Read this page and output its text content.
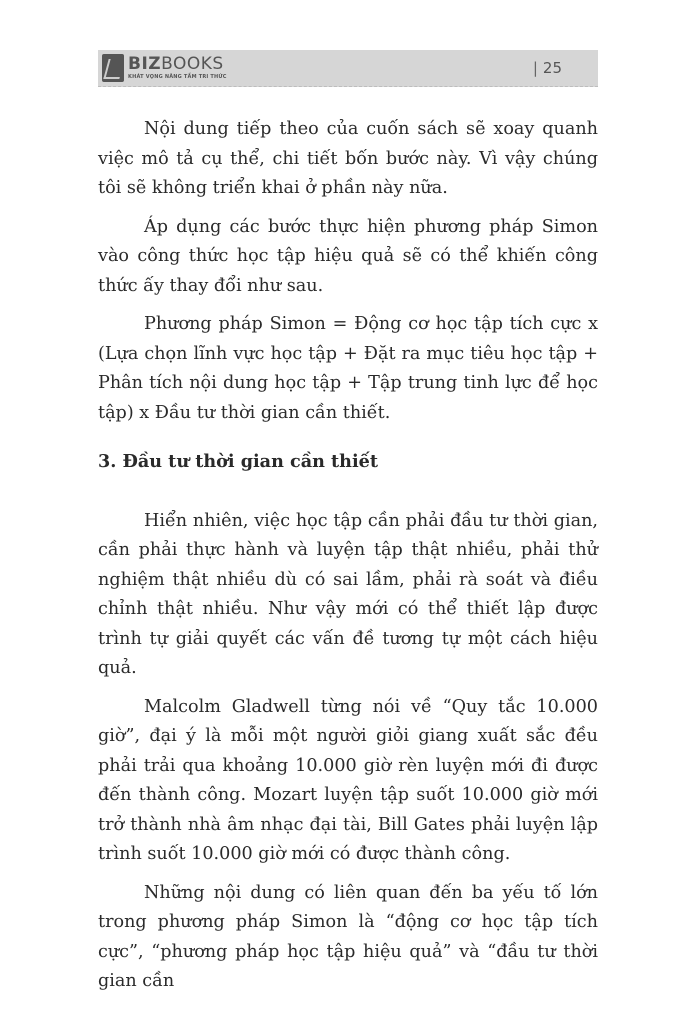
BIZBOOKS
KHÁT VỌNG NÂNG TẦM TRI THỨC	| 25

Nội dung tiếp theo của cuốn sách sẽ xoay quanh việc mô tả cụ thể, chi tiết bốn bước này. Vì vậy chúng tôi sẽ không triển khai ở phần này nữa.

Áp dụng các bước thực hiện phương pháp Simon vào công thức học tập hiệu quả sẽ có thể khiến công thức ấy thay đổi như sau.

Phương pháp Simon = Động cơ học tập tích cực x (Lựa chọn lĩnh vực học tập + Đặt ra mục tiêu học tập + Phân tích nội dung học tập + Tập trung tinh lực để học tập) x Đầu tư thời gian cần thiết.

3. Đầu tư thời gian cần thiết

Hiển nhiên, việc học tập cần phải đầu tư thời gian, cần phải thực hành và luyện tập thật nhiều, phải thử nghiệm thật nhiều dù có sai lầm, phải rà soát và điều chỉnh thật nhiều. Như vậy mới có thể thiết lập được trình tự giải quyết các vấn đề tương tự một cách hiệu quả.

Malcolm Gladwell từng nói về “Quy tắc 10.000 giờ”, đại ý là mỗi một người giỏi giang xuất sắc đều phải trải qua khoảng 10.000 giờ rèn luyện mới đi được đến thành công. Mozart luyện tập suốt 10.000 giờ mới trở thành nhà âm nhạc đại tài, Bill Gates phải luyện lập trình suốt 10.000 giờ mới có được thành công.

Những nội dung có liên quan đến ba yếu tố lớn trong phương pháp Simon là “động cơ học tập tích cực”, “phương pháp học tập hiệu quả” và “đầu tư thời gian cần
